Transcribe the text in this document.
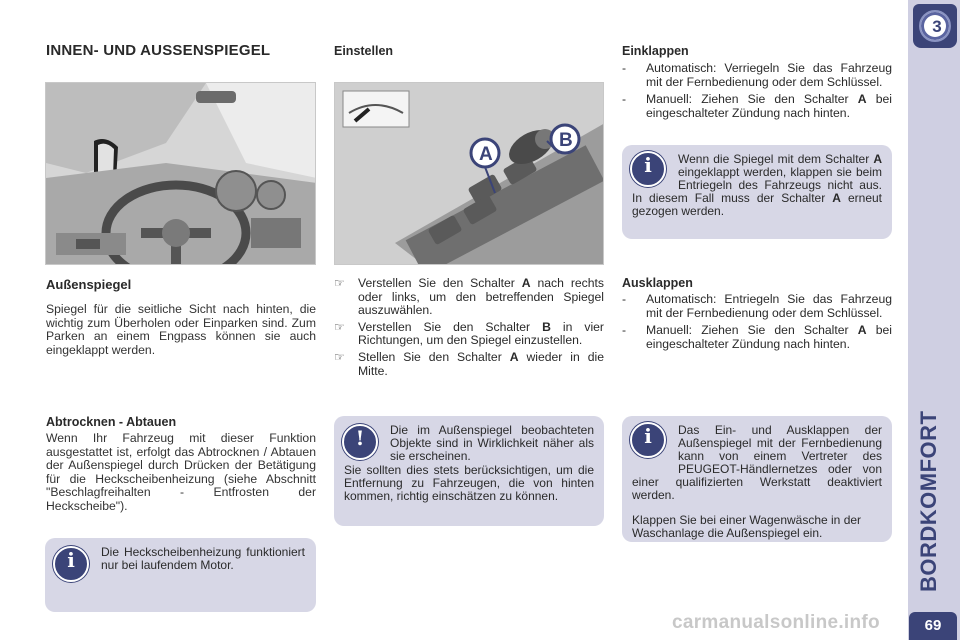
3
BORDKOMFORT
69
INNEN- UND AUSSENSPIEGEL
Außenspiegel
Spiegel für die seitliche Sicht nach hinten, die wichtig zum Überholen oder Einparken sind. Zum Parken an einem Engpass können sie auch eingeklappt werden.
Abtrocknen - Abtauen
Wenn Ihr Fahrzeug mit dieser Funktion ausgestattet ist, erfolgt das Abtrocknen / Abtauen der Außenspiegel durch Drücken der Betätigung für die Heckscheibenheizung (siehe Abschnitt "Beschlagfreihalten - Entfrosten der Heckscheibe").
i	Die Heckscheibenheizung funktioniert nur bei laufendem Motor.
Einstellen
A
B
☞ Verstellen Sie den Schalter A nach rechts oder links, um den betreffenden Spiegel auszuwählen.
☞ Verstellen Sie den Schalter B in vier Richtungen, um den Spiegel einzustellen.
☞ Stellen Sie den Schalter A wieder in die Mitte.
!	Die im Außenspiegel beobachteten Objekte sind in Wirklichkeit näher als sie erscheinen.
Sie sollten dies stets berücksichtigen, um die Entfernung zu Fahrzeugen, die von hinten kommen, richtig einschätzen zu können.
Einklappen
- Automatisch: Verriegeln Sie das Fahrzeug mit der Fernbedienung oder dem Schlüssel.
- Manuell: Ziehen Sie den Schalter A bei eingeschalteter Zündung nach hinten.
i	Wenn die Spiegel mit dem Schalter A eingeklappt werden, klappen sie beim Entriegeln des Fahrzeugs nicht aus. In diesem Fall muss der Schalter A erneut gezogen werden.
Ausklappen
- Automatisch: Entriegeln Sie das Fahrzeug mit der Fernbedienung oder dem Schlüssel.
- Manuell: Ziehen Sie den Schalter A bei eingeschalteter Zündung nach hinten.
i	Das Ein- und Ausklappen der Außenspiegel mit der Fernbedienung kann von einem Vertreter des PEUGEOT-Händlernetzes oder von einer qualifizierten Werkstatt deaktiviert werden.
Klappen Sie bei einer Wagenwäsche in der Waschanlage die Außenspiegel ein.
carmanualsonline.info
